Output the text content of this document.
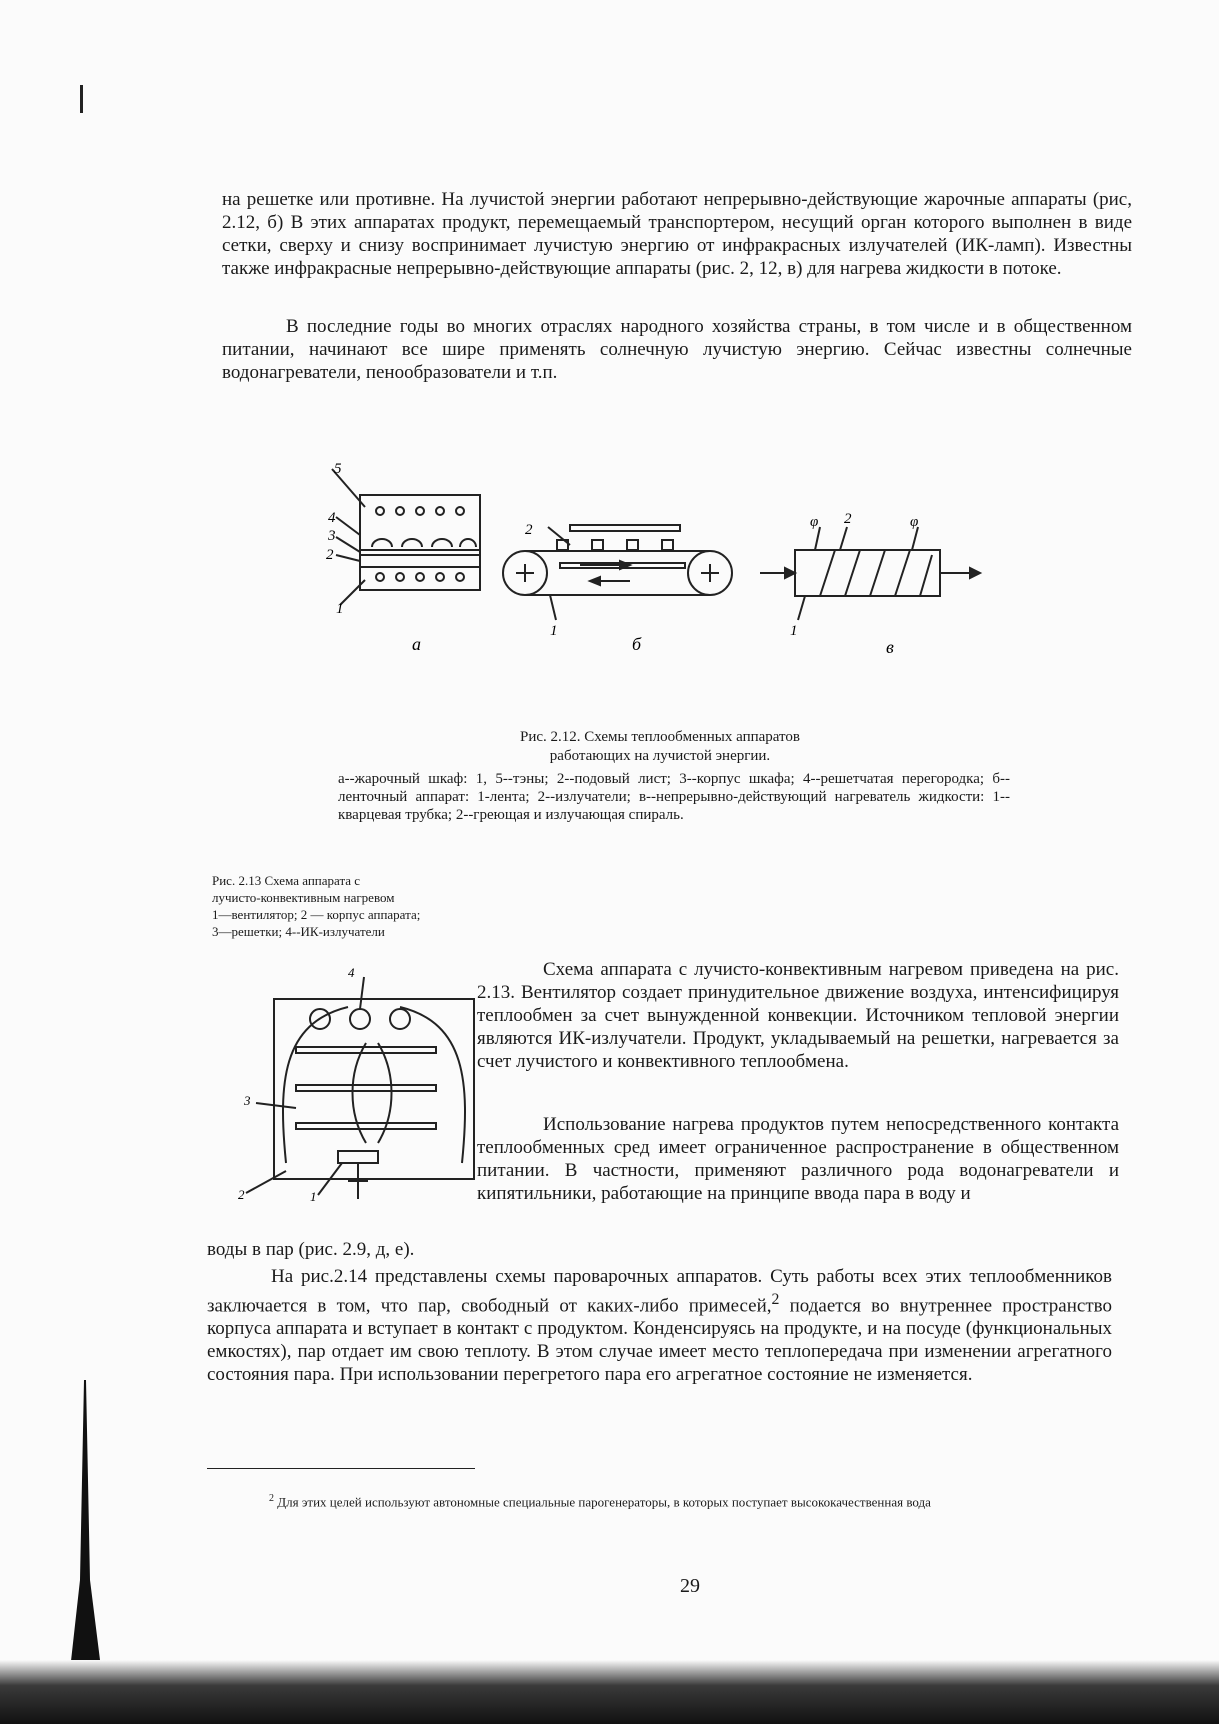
на решетке или противне. На лучистой энергии работают непрерывно-действующие жарочные аппараты (рис, 2.12, б) В этих аппаратах продукт, перемещаемый транспортером, несущий орган которого выполнен в виде сетки, сверху и снизу воспринимает лучистую энергию от инфракрасных излучателей (ИК-ламп). Известны также инфракрасные непрерывно-действующие аппараты (рис. 2, 12, в) для нагрева жидкости в потоке.
В последние годы во многих отраслях народного хозяйства страны, в том числе и в общественном питании, начинают все шире применять солнечную лучистую энергию. Сейчас известны солнечные водонагреватели, пенообразователи и т.п.
5
4
3
2
1
а
2
1
б
φ 2	φ
1
в
Рис. 2.12. Схемы теплообменных аппаратов
работающих на лучистой энергии.
а--жарочный шкаф: 1, 5--тэны; 2--подовый лист; 3--корпус шкафа; 4--решетчатая перегородка; б--ленточный аппарат: 1-лента; 2--излучатели; в--непрерывно-действующий нагреватель жидкости: 1--кварцевая трубка; 2--греющая и излучающая спираль.
Рис. 2.13 Схема аппарата с
лучисто-конвективным нагревом
1—вентилятор; 2 — корпус аппарата;
3—решетки; 4--ИК-излучатели
4
3
2	1
Схема аппарата с лучисто-конвективным нагревом приведена на рис. 2.13. Вентилятор создает принудительное движение воздуха, интенсифицируя теплообмен за счет вынужденной конвекции. Источником тепловой энергии являются ИК-излучатели. Продукт, укладываемый на решетки, нагревается за счет лучистого и конвективного теплообмена.
Использование нагрева продуктов путем непосредственного контакта теплообменных сред имеет ограниченное распространение в общественном питании. В частности, применяют различного рода водонагреватели и кипятильники, работающие на принципе ввода пара в воду и
воды в пар (рис. 2.9, д, е).
На рис.2.14 представлены схемы пароварочных аппаратов. Суть работы всех этих теплообменников заключается в том, что пар, свободный от каких-либо примесей,$^2$ подается во внутреннее пространство корпуса аппарата и вступает в контакт с продуктом. Конденсируясь на продукте, и на посуде (функциональных емкостях), пар отдает им свою теплоту. В этом случае имеет место теплопередача при изменении агрегатного состояния пара. При использовании перегретого пара его агрегатное состояние не изменяется.
$^2$ Для этих целей используют автономные специальные парогенераторы, в которых поступает высококачественная вода
29
